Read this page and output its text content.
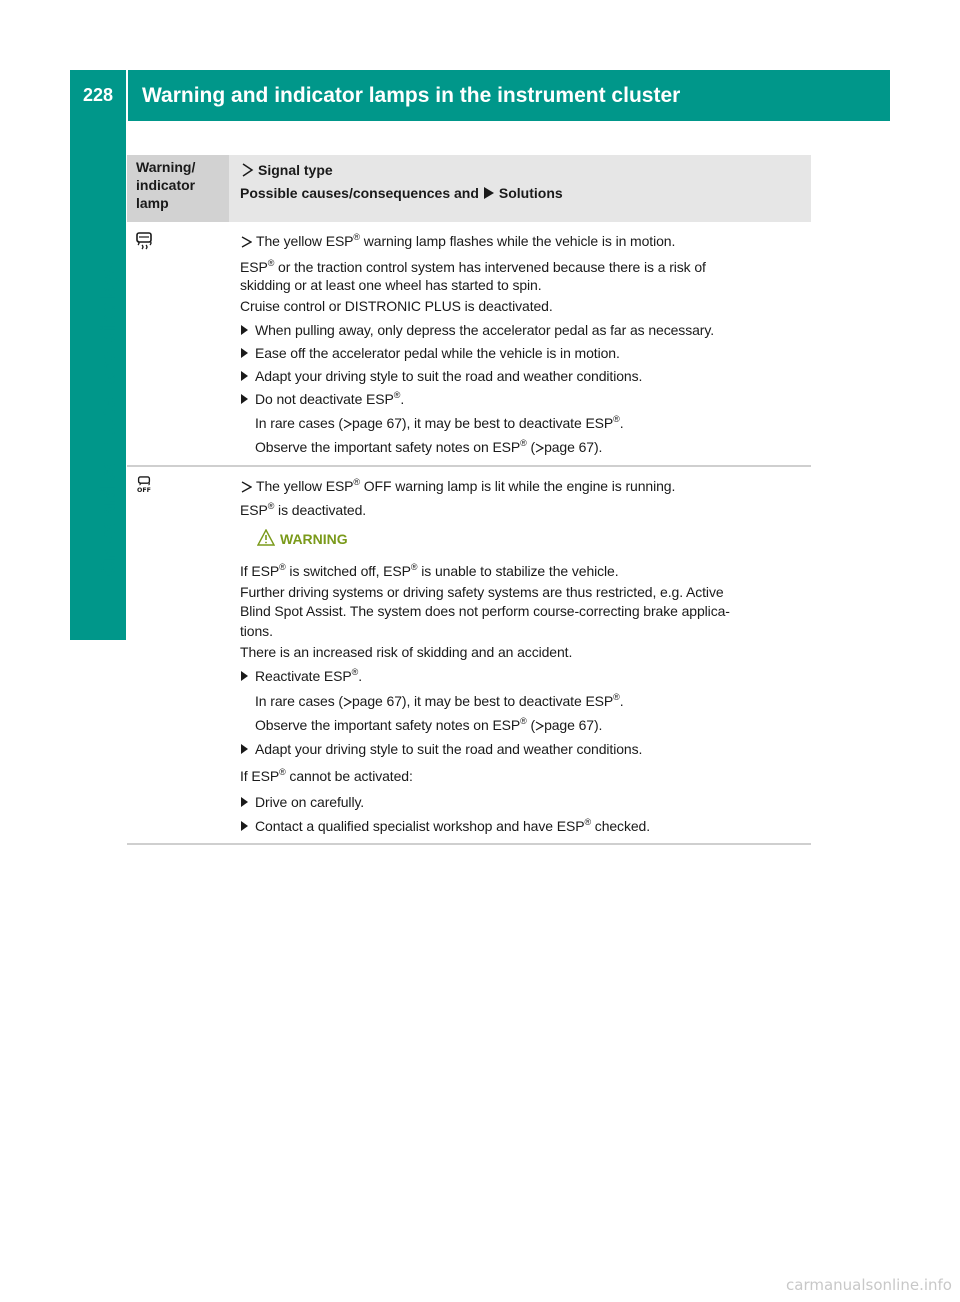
228	Warning and indicator lamps in the instrument cluster
On-board computer and displays
Warning/ indicator lamp
Signal type
Possible causes/consequences and Solutions
The yellow ESP® warning lamp flashes while the vehicle is in motion.
ESP® or the traction control system has intervened because there is a risk of
skidding or at least one wheel has started to spin.
Cruise control or DISTRONIC PLUS is deactivated.
When pulling away, only depress the accelerator pedal as far as necessary.
Ease off the accelerator pedal while the vehicle is in motion.
Adapt your driving style to suit the road and weather conditions.
Do not deactivate ESP®.
In rare cases ( page 67), it may be best to deactivate ESP®.
Observe the important safety notes on ESP® ( page 67).
OFF	The yellow ESP® OFF warning lamp is lit while the engine is running.
ESP® is deactivated.
WARNING
If ESP® is switched off, ESP® is unable to stabilize the vehicle.
Further driving systems or driving safety systems are thus restricted, e.g. Active
Blind Spot Assist. The system does not perform course-correcting brake applica-
tions.
There is an increased risk of skidding and an accident.
Reactivate ESP®.
In rare cases ( page 67), it may be best to deactivate ESP®.
Observe the important safety notes on ESP® ( page 67).
Adapt your driving style to suit the road and weather conditions.
If ESP® cannot be activated:
Drive on carefully.
Contact a qualified specialist workshop and have ESP® checked.
carmanualsonline.info
